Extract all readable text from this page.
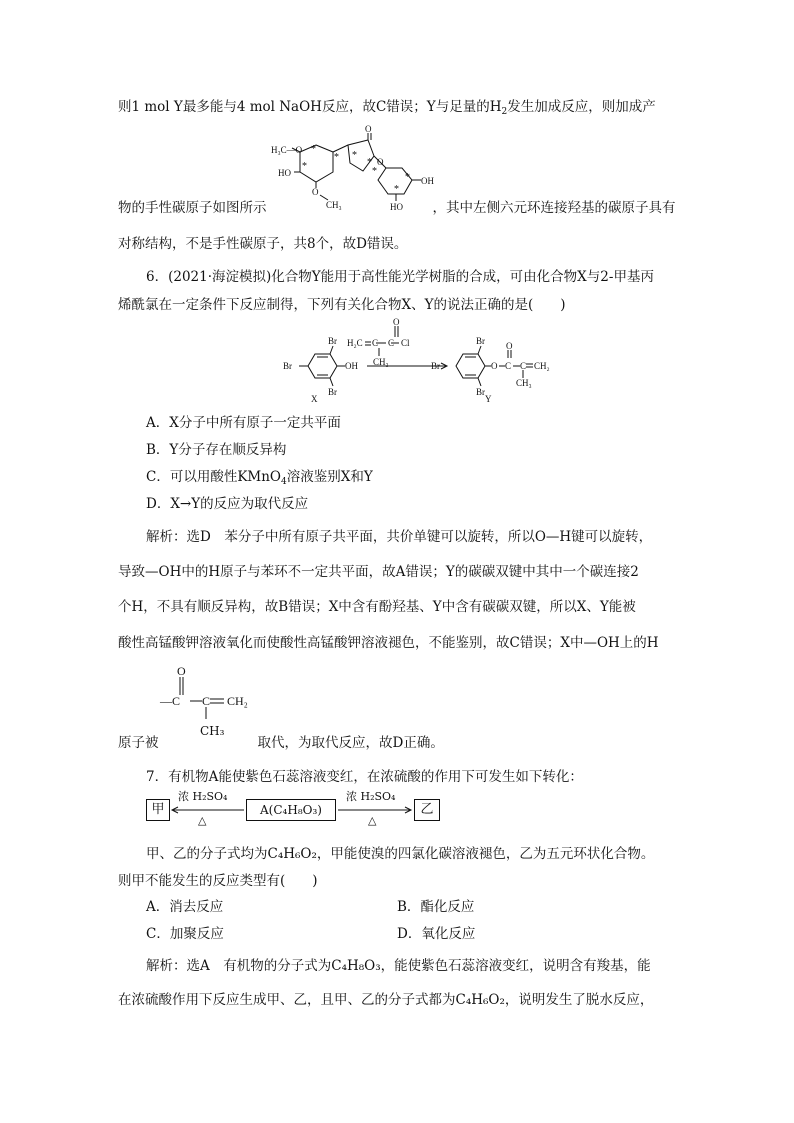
则1 mol Y最多能与4 mol NaOH反应，故C错误；Y与足量的$H_2$发生加成反应，则加成产
H₃C—O
HO
O
CH₃
O
O
OH
HO
*
*
*
*
*
*
*
*
物的手性碳原子如图所示	，其中左侧六元环连接羟基的碳原子具有
对称结构，不是手性碳原子，共8个，故D错误。
6．(2021·海淀模拟)化合物Y能用于高性能光学树脂的合成，可由化合物X与2-甲基丙
烯酰氯在一定条件下反应制得，下列有关化合物X、Y的说法正确的是(　　)
Br
Br
Br	OH
X
H₂C C C
O
Cl
CH₃
Br
Br
Br	O C
O
C CH₂
CH₃
Y
A．X分子中所有原子一定共平面
B．Y分子存在顺反异构
C．可以用酸性KMnO$_4$溶液鉴别X和Y
D．X→Y的反应为取代反应
解析：选D　苯分子中所有原子共平面，共价单键可以旋转，所以O—H键可以旋转，
导致—OH中的H原子与苯环不一定共平面，故A错误；Y的碳碳双键中其中一个碳连接2
个H，不具有顺反异构，故B错误；X中含有酚羟基、Y中含有碳碳双键，所以X、Y能被
酸性高锰酸钾溶液氧化而使酸性高锰酸钾溶液褪色，不能鉴别，故C错误；X中—OH上的H
O
—C C CH₂
CH₃
原子被	取代，为取代反应，故D正确。
7．有机物A能使紫色石蕊溶液变红，在浓硫酸的作用下可发生如下转化：
甲	A(C₄H₈O₃)	乙
浓 H₂SO₄
△
浓 H₂SO₄
△
甲、乙的分子式均为C₄H₆O₂，甲能使溴的四氯化碳溶液褪色，乙为五元环状化合物。
则甲不能发生的反应类型有(　　)
A．消去反应	B．酯化反应
C．加聚反应	D．氧化反应
解析：选A　有机物的分子式为C₄H₈O₃，能使紫色石蕊溶液变红，说明含有羧基，能
在浓硫酸作用下反应生成甲、乙，且甲、乙的分子式都为C₄H₆O₂，说明发生了脱水反应，
